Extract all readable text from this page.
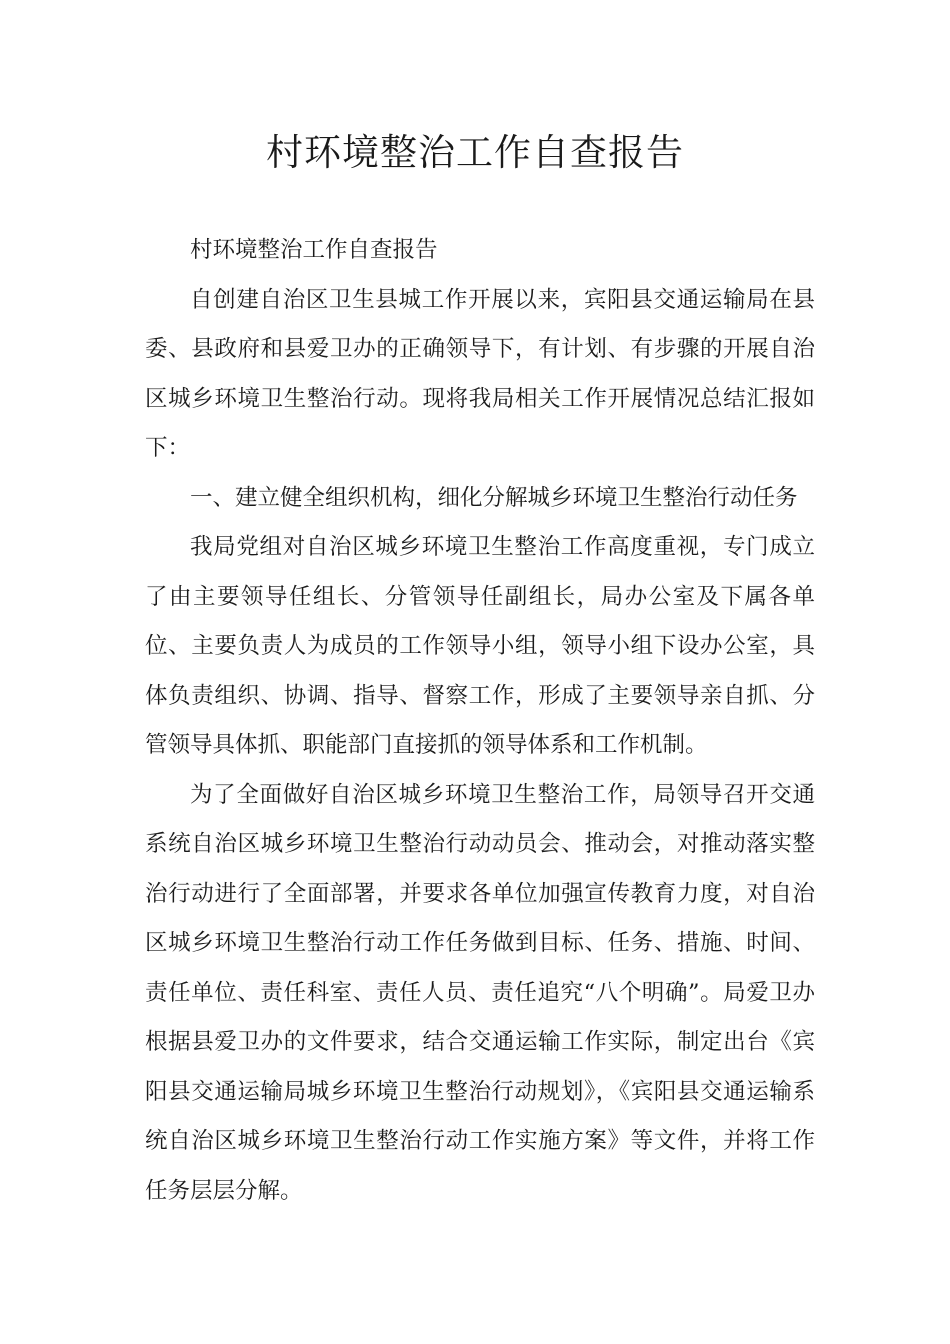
村环境整治工作自查报告

村环境整治工作自查报告

自创建自治区卫生县城工作开展以来，宾阳县交通运输局在县委、县政府和县爱卫办的正确领导下，有计划、有步骤的开展自治区城乡环境卫生整治行动。现将我局相关工作开展情况总结汇报如下：

一、建立健全组织机构，细化分解城乡环境卫生整治行动任务

我局党组对自治区城乡环境卫生整治工作高度重视，专门成立了由主要领导任组长、分管领导任副组长，局办公室及下属各单位、主要负责人为成员的工作领导小组，领导小组下设办公室，具体负责组织、协调、指导、督察工作，形成了主要领导亲自抓、分管领导具体抓、职能部门直接抓的领导体系和工作机制。

为了全面做好自治区城乡环境卫生整治工作，局领导召开交通系统自治区城乡环境卫生整治行动动员会、推动会，对推动落实整治行动进行了全面部署，并要求各单位加强宣传教育力度，对自治区城乡环境卫生整治行动工作任务做到目标、任务、措施、时间、责任单位、责任科室、责任人员、责任追究“八个明确”。局爱卫办根据县爱卫办的文件要求，结合交通运输工作实际，制定出台《宾阳县交通运输局城乡环境卫生整治行动规划》，《宾阳县交通运输系统自治区城乡环境卫生整治行动工作实施方案》等文件，并将工作任务层层分解。
